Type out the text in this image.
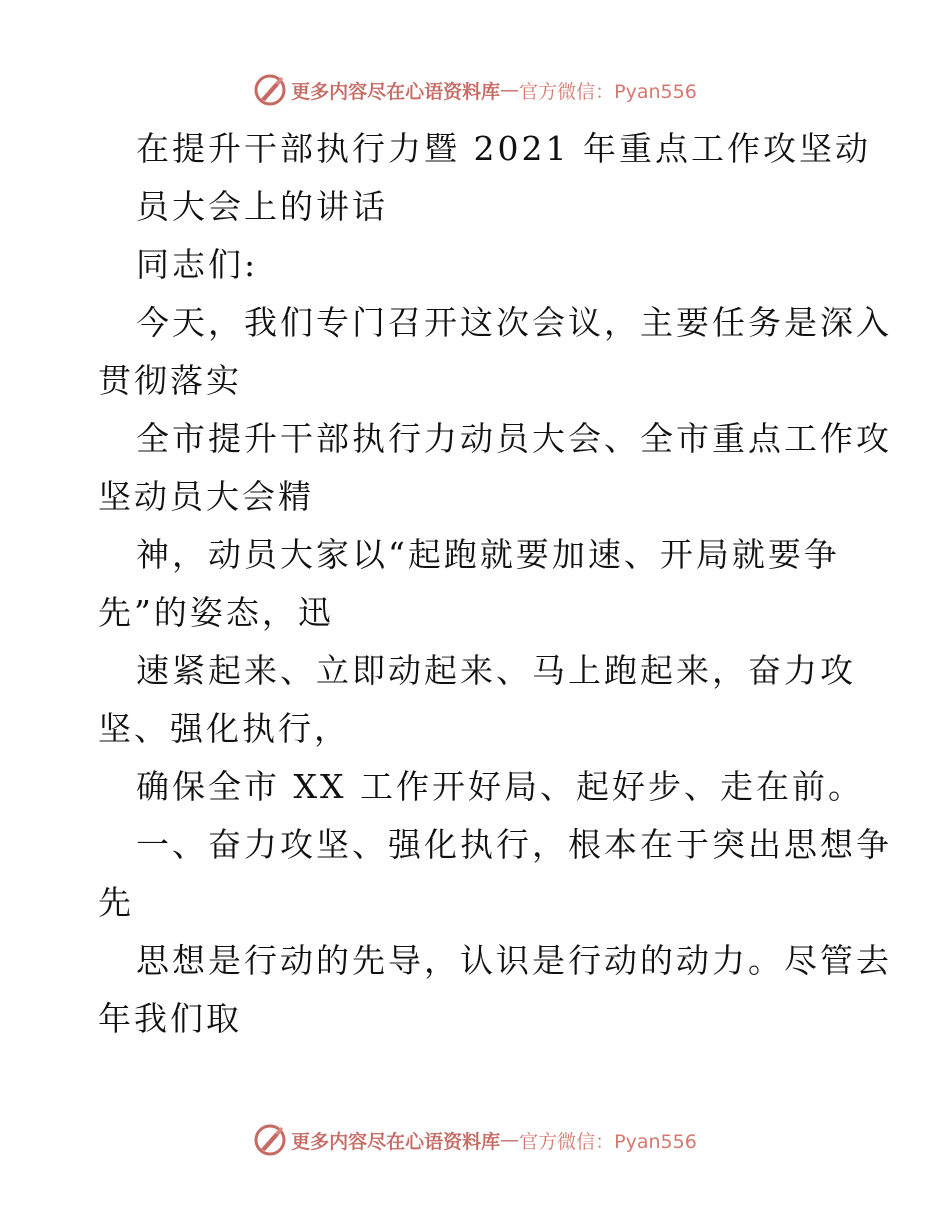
更多内容尽在心语资料库 — 官方微信：Pyan556
在提升干部执行力暨 2021 年重点工作攻坚动
员大会上的讲话
同志们:
今天，我们专门召开这次会议，主要任务是深入
贯彻落实
全市提升干部执行力动员大会、全市重点工作攻
坚动员大会精
神，动员大家以“起跑就要加速、开局就要争
先”的姿态，迅
速紧起来、立即动起来、马上跑起来，奋力攻
坚、强化执行，
确保全市 XX 工作开好局、起好步、走在前。
一、奋力攻坚、强化执行，根本在于突出思想争
先
思想是行动的先导，认识是行动的动力。尽管去
年我们取
更多内容尽在心语资料库 — 官方微信：Pyan556
